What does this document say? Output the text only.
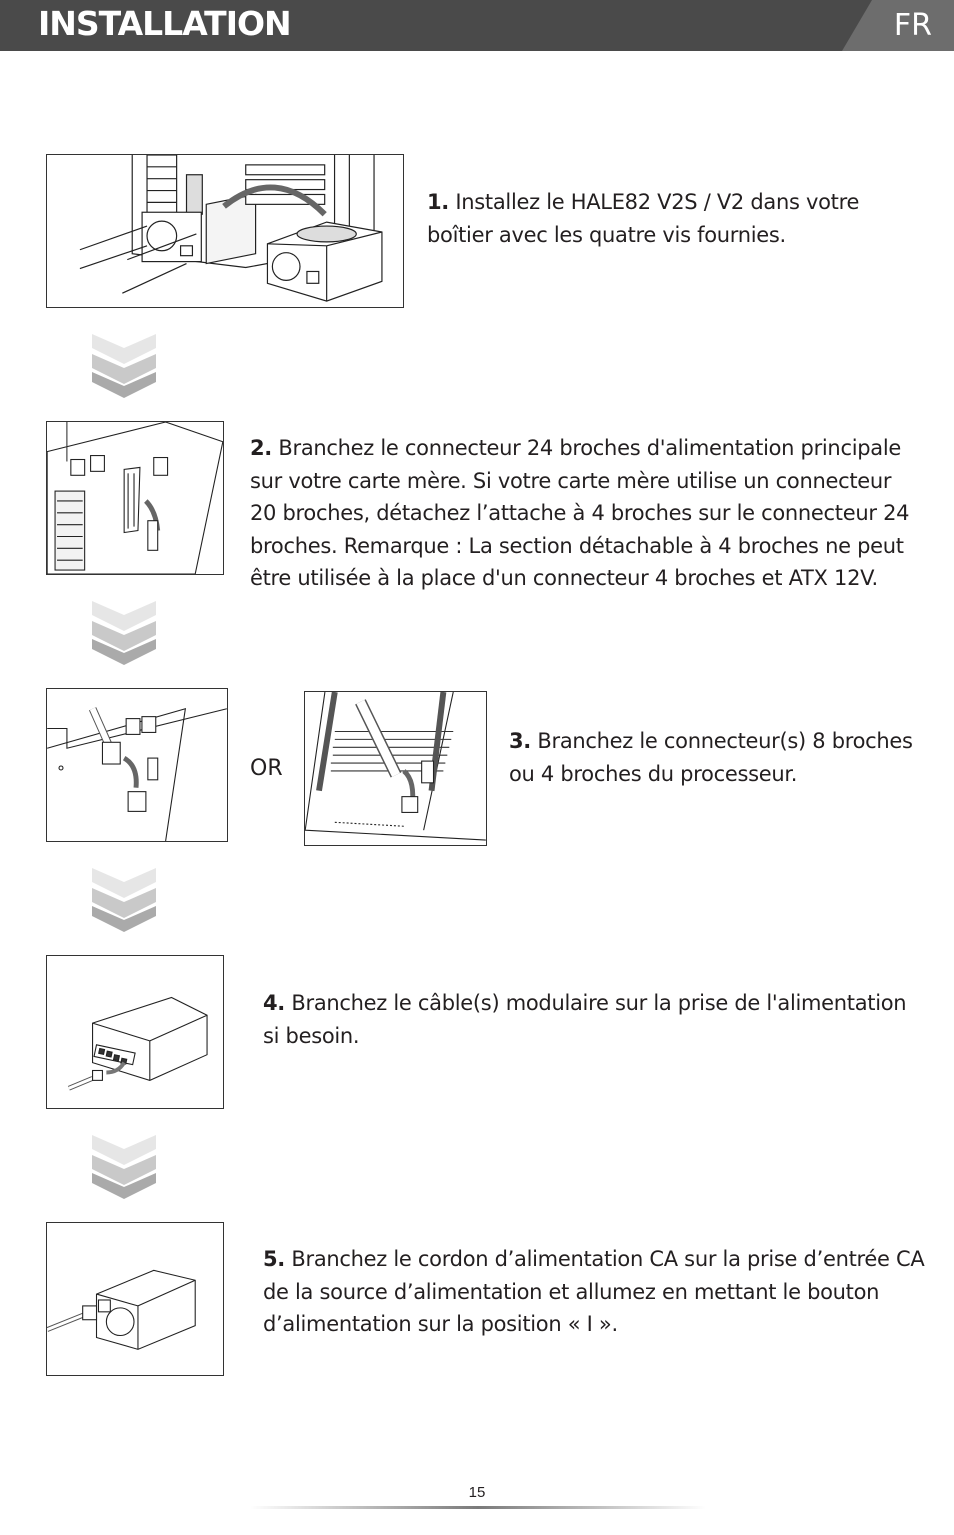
INSTALLATION	FR
1. Installez le HALE82 V2S / V2 dans votre boîtier avec les quatre vis fournies.
2. Branchez le connecteur 24 broches d'alimentation principale sur votre carte mère. Si votre carte mère utilise un connecteur 20 broches, détachez l’attache à 4 broches sur le connecteur 24 broches. Remarque : La section détachable à 4 broches ne peut être utilisée à la place d'un connecteur 4 broches et ATX 12V.
OR
3. Branchez le connecteur(s) 8 broches ou 4 broches du processeur.
4. Branchez le câble(s) modulaire sur la prise de l'alimentation si besoin.
5. Branchez le cordon d’alimentation CA sur la prise d’entrée CA de la source d’alimentation et allumez en mettant le bouton d’alimentation sur la position « I ».
15
